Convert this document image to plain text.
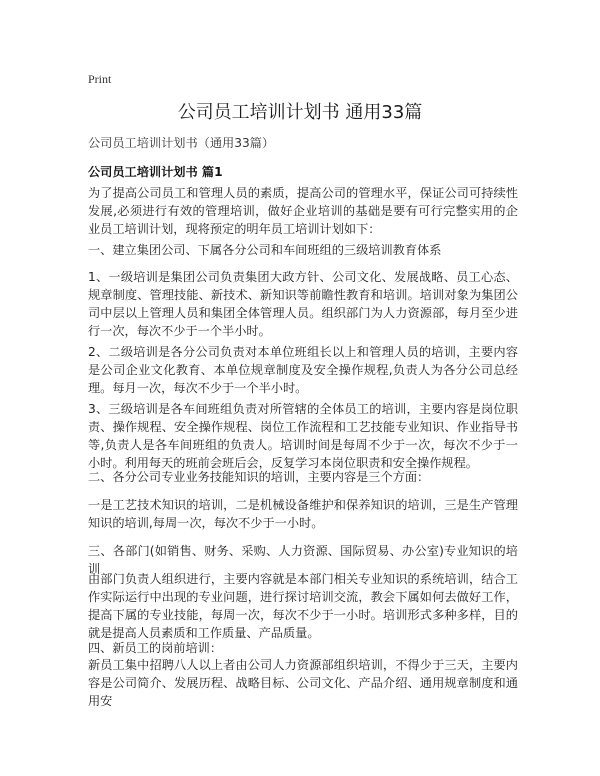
Print
公司员工培训计划书 通用33篇

公司员工培训计划书（通用33篇）

公司员工培训计划书 篇1

为了提高公司员工和管理人员的素质，提高公司的管理水平，保证公司可持续性发展,必须进行有效的管理培训，做好企业培训的基础是要有可行完整实用的企业员工培训计划，现将预定的明年员工培训计划如下：

一、建立集团公司、下属各分公司和车间班组的三级培训教育体系

1、一级培训是集团公司负责集团大政方针、公司文化、发展战略、员工心态、规章制度、管理技能、新技术、新知识等前瞻性教育和培训。培训对象为集团公司中层以上管理人员和集团全体管理人员。组织部门为人力资源部，每月至少进行一次，每次不少于一个半小时。

2、二级培训是各分公司负责对本单位班组长以上和管理人员的培训，主要内容是公司企业文化教育、本单位规章制度及安全操作规程,负责人为各分公司总经理。每月一次，每次不少于一个半小时。

3、三级培训是各车间班组负责对所管辖的全体员工的培训，主要内容是岗位职责、操作规程、安全操作规程、岗位工作流程和工艺技能专业知识、作业指导书等,负责人是各车间班组的负责人。培训时间是每周不少于一次，每次不少于一小时。利用每天的班前会班后会，反复学习本岗位职责和安全操作规程。

二、各分公司专业业务技能知识的培训，主要内容是三个方面：

一是工艺技术知识的培训，二是机械设备维护和保养知识的培训，三是生产管理知识的培训,每周一次，每次不少于一小时。

三、各部门(如销售、财务、采购、人力资源、国际贸易、办公室)专业知识的培训

由部门负责人组织进行，主要内容就是本部门相关专业知识的系统培训，结合工作实际运行中出现的专业问题，进行探讨培训交流，教会下属如何去做好工作，提高下属的专业技能，每周一次，每次不少于一小时。培训形式多种多样，目的就是提高人员素质和工作质量、产品质量。

四、新员工的岗前培训：

新员工集中招聘八人以上者由公司人力资源部组织培训，不得少于三天，主要内容是公司简介、发展历程、战略目标、公司文化、产品介绍、通用规章制度和通用安
